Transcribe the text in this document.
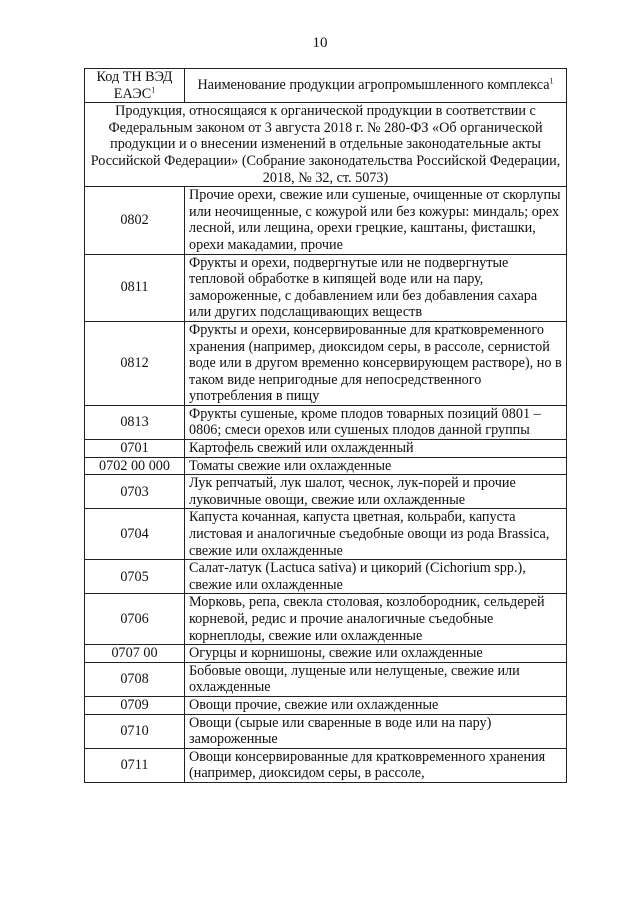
10
Код ТН ВЭД ЕАЭС$^1$	Наименование продукции агропромышленного комплекса$^1$
Продукция, относящаяся к органической продукции в соответствии с Федеральным законом от 3 августа 2018 г. № 280-ФЗ «Об органической продукции и о внесении изменений в отдельные законодательные акты Российской Федерации» (Собрание законодательства Российской Федерации, 2018, № 32, ст. 5073)	
0802	Прочие орехи, свежие или сушеные, очищенные от скорлупы или неочищенные, с кожурой или без кожуры: миндаль; орех лесной, или лещина, орехи грецкие, каштаны, фисташки, орехи макадамии, прочие
0811	Фрукты и орехи, подвергнутые или не подвергнутые тепловой обработке в кипящей воде или на пару, замороженные, с добавлением или без добавления сахара или других подслащивающих веществ
0812	Фрукты и орехи, консервированные для кратковременного хранения (например, диоксидом серы, в рассоле, сернистой воде или в другом временно консервирующем растворе), но в таком виде непригодные для непосредственного употребления в пищу
0813	Фрукты сушеные, кроме плодов товарных позиций 0801 – 0806; смеси орехов или сушеных плодов данной группы
0701	Картофель свежий или охлажденный
0702 00 000	Томаты свежие или охлажденные
0703	Лук репчатый, лук шалот, чеснок, лук-порей и прочие луковичные овощи, свежие или охлажденные
0704	Капуста кочанная, капуста цветная, кольраби, капуста листовая и аналогичные съедобные овощи из рода Brassica, свежие или охлажденные
0705	Салат-латук (Lactuca sativa) и цикорий (Cichorium spp.), свежие или охлажденные
0706	Морковь, репа, свекла столовая, козлобородник, сельдерей корневой, редис и прочие аналогичные съедобные корнеплоды, свежие или охлажденные
0707 00	Огурцы и корнишоны, свежие или охлажденные
0708	Бобовые овощи, лущеные или нелущеные, свежие или охлажденные
0709	Овощи прочие, свежие или охлажденные
0710	Овощи (сырые или сваренные в воде или на пару) замороженные
0711	Овощи консервированные для кратковременного хранения (например, диоксидом серы, в рассоле,
